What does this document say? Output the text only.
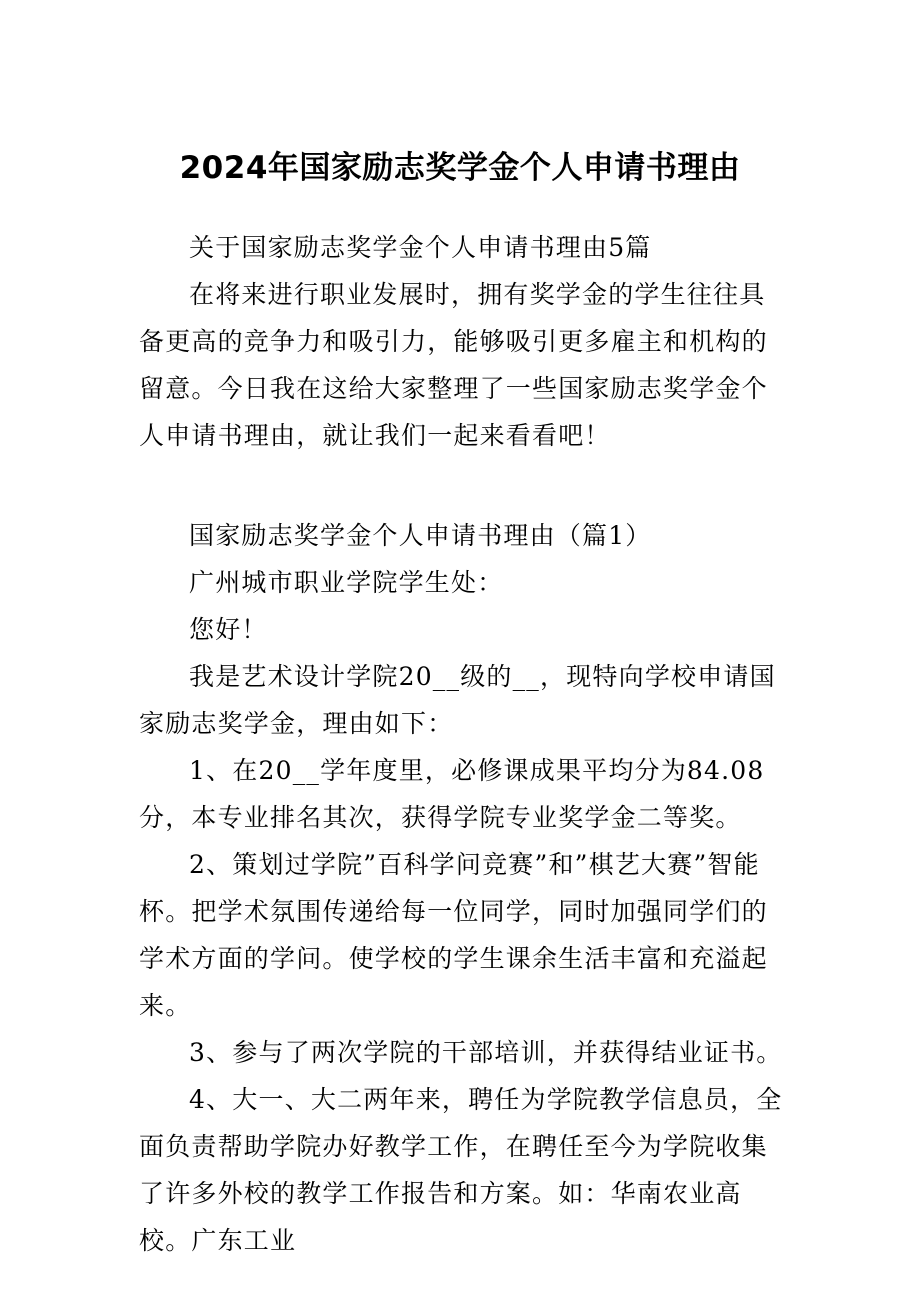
2024年国家励志奖学金个人申请书理由

关于国家励志奖学金个人申请书理由5篇

在将来进行职业发展时，拥有奖学金的学生往往具备更高的竞争力和吸引力，能够吸引更多雇主和机构的留意。今日我在这给大家整理了一些国家励志奖学金个人申请书理由，就让我们一起来看看吧！

国家励志奖学金个人申请书理由（篇1）

广州城市职业学院学生处：

您好！

我是艺术设计学院20__级的__，现特向学校申请国家励志奖学金，理由如下：

1、在20__学年度里，必修课成果平均分为84.08分，本专业排名其次，获得学院专业奖学金二等奖。

2、策划过学院”百科学问竞赛”和”棋艺大赛”智能杯。把学术氛围传递给每一位同学，同时加强同学们的学术方面的学问。使学校的学生课余生活丰富和充溢起来。

3、参与了两次学院的干部培训，并获得结业证书。

4、大一、大二两年来，聘任为学院教学信息员，全面负责帮助学院办好教学工作，在聘任至今为学院收集了许多外校的教学工作报告和方案。如：华南农业高校。广东工业
